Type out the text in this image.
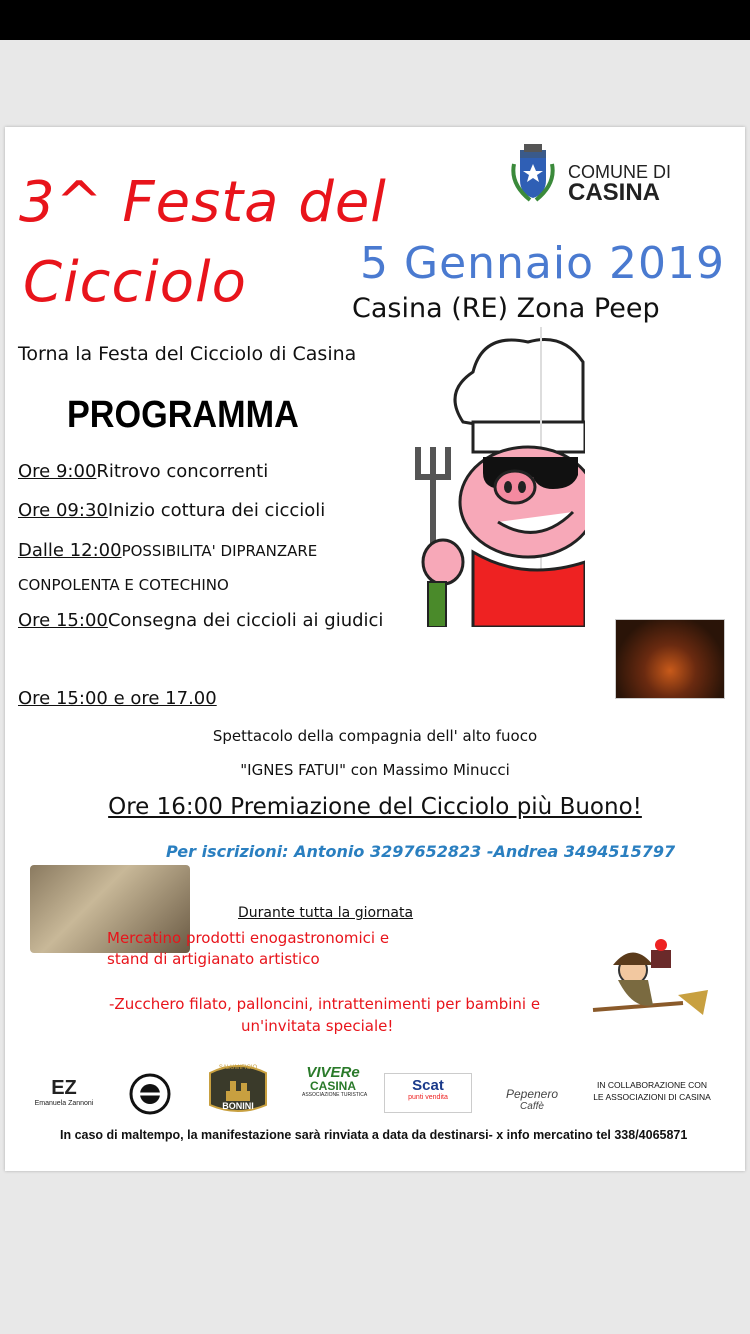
3^ Festa del
Cicciolo
COMUNE DI
CASINA
5 Gennaio 2019
Casina (RE) Zona Peep
Torna la Festa del Cicciolo di Casina
PROGRAMMA
Ore 9:00Ritrovo concorrenti
Ore 09:30Inizio cottura dei ciccioli
Dalle 12:00POSSIBILITA' DIPRANZARE
CONPOLENTA E COTECHINO
Ore 15:00Consegna dei ciccioli ai giudici
Ore 15:00 e ore 17.00
Spettacolo della compagnia dell' alto fuoco
"IGNES FATUI" con Massimo Minucci
Ore 16:00 Premiazione del Cicciolo più Buono!
Per iscrizioni: Antonio 3297652823 -Andrea 3494515797
Durante tutta la giornata
Mercatino prodotti enogastronomici e
stand di artigianato artistico
-Zucchero filato, palloncini, intrattenimenti per bambini e
un'invitata speciale!
EZ
Emanuela Zannoni
SALUMIFICIO
BONINI
VIVERe
CASINA
ASSOCIAZIONE TURISTICA
Scat
punti vendita	Pepenero
Caffè
IN COLLABORAZIONE CON
LE ASSOCIAZIONI DI CASINA
In caso di maltempo, la manifestazione sarà rinviata a data da destinarsi- x info mercatino tel 338/4065871
